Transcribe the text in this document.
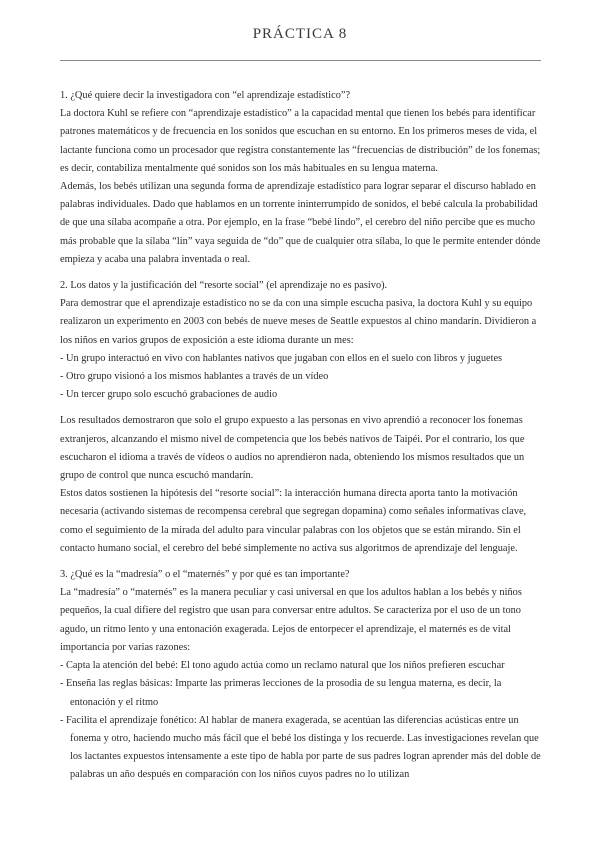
PRÁCTICA 8

1. ¿Qué quiere decir la investigadora con “el aprendizaje estadístico”?

La doctora Kuhl se refiere con “aprendizaje estadístico” a la capacidad mental que tienen los bebés para identificar patrones matemáticos y de frecuencia en los sonidos que escuchan en su entorno. En los primeros meses de vida, el lactante funciona como un procesador que registra constantemente las “frecuencias de distribución” de los fonemas; es decir, contabiliza mentalmente qué sonidos son los más habituales en su lengua materna.

Además, los bebés utilizan una segunda forma de aprendizaje estadístico para lograr separar el discurso hablado en palabras individuales. Dado que hablamos en un torrente ininterrumpido de sonidos, el bebé calcula la probabilidad de que una sílaba acompañe a otra. Por ejemplo, en la frase “bebé lindo”, el cerebro del niño percibe que es mucho más probable que la sílaba “lin” vaya seguida de “do” que de cualquier otra sílaba, lo que le permite entender dónde empieza y acaba una palabra inventada o real.

2. Los datos y la justificación del “resorte social” (el aprendizaje no es pasivo).

Para demostrar que el aprendizaje estadístico no se da con una simple escucha pasiva, la doctora Kuhl y su equipo realizaron un experimento en 2003 con bebés de nueve meses de Seattle expuestos al chino mandarín. Dividieron a los niños en varios grupos de exposición a este idioma durante un mes:

- Un grupo interactuó en vivo con hablantes nativos que jugaban con ellos en el suelo con libros y juguetes
- Otro grupo visionó a los mismos hablantes a través de un vídeo
- Un tercer grupo solo escuchó grabaciones de audio

Los resultados demostraron que solo el grupo expuesto a las personas en vivo aprendió a reconocer los fonemas extranjeros, alcanzando el mismo nivel de competencia que los bebés nativos de Taipéi. Por el contrario, los que escucharon el idioma a través de vídeos o audios no aprendieron nada, obteniendo los mismos resultados que un grupo de control que nunca escuchó mandarín.

Estos datos sostienen la hipótesis del “resorte social”: la interacción humana directa aporta tanto la motivación necesaria (activando sistemas de recompensa cerebral que segregan dopamina) como señales informativas clave, como el seguimiento de la mirada del adulto para vincular palabras con los objetos que se están mirando. Sin el contacto humano social, el cerebro del bebé simplemente no activa sus algoritmos de aprendizaje del lenguaje.

3. ¿Qué es la “madresía” o el “maternés” y por qué es tan importante?

La “madresía” o “maternés” es la manera peculiar y casi universal en que los adultos hablan a los bebés y niños pequeños, la cual difiere del registro que usan para conversar entre adultos. Se caracteriza por el uso de un tono agudo, un ritmo lento y una entonación exagerada. Lejos de entorpecer el aprendizaje, el maternés es de vital importancia por varias razones:

- Capta la atención del bebé: El tono agudo actúa como un reclamo natural que los niños prefieren escuchar
- Enseña las reglas básicas: Imparte las primeras lecciones de la prosodia de su lengua materna, es decir, la entonación y el ritmo
- Facilita el aprendizaje fonético: Al hablar de manera exagerada, se acentúan las diferencias acústicas entre un fonema y otro, haciendo mucho más fácil que el bebé los distinga y los recuerde. Las investigaciones revelan que los lactantes expuestos intensamente a este tipo de habla por parte de sus padres logran aprender más del doble de palabras un año después en comparación con los niños cuyos padres no lo utilizan
